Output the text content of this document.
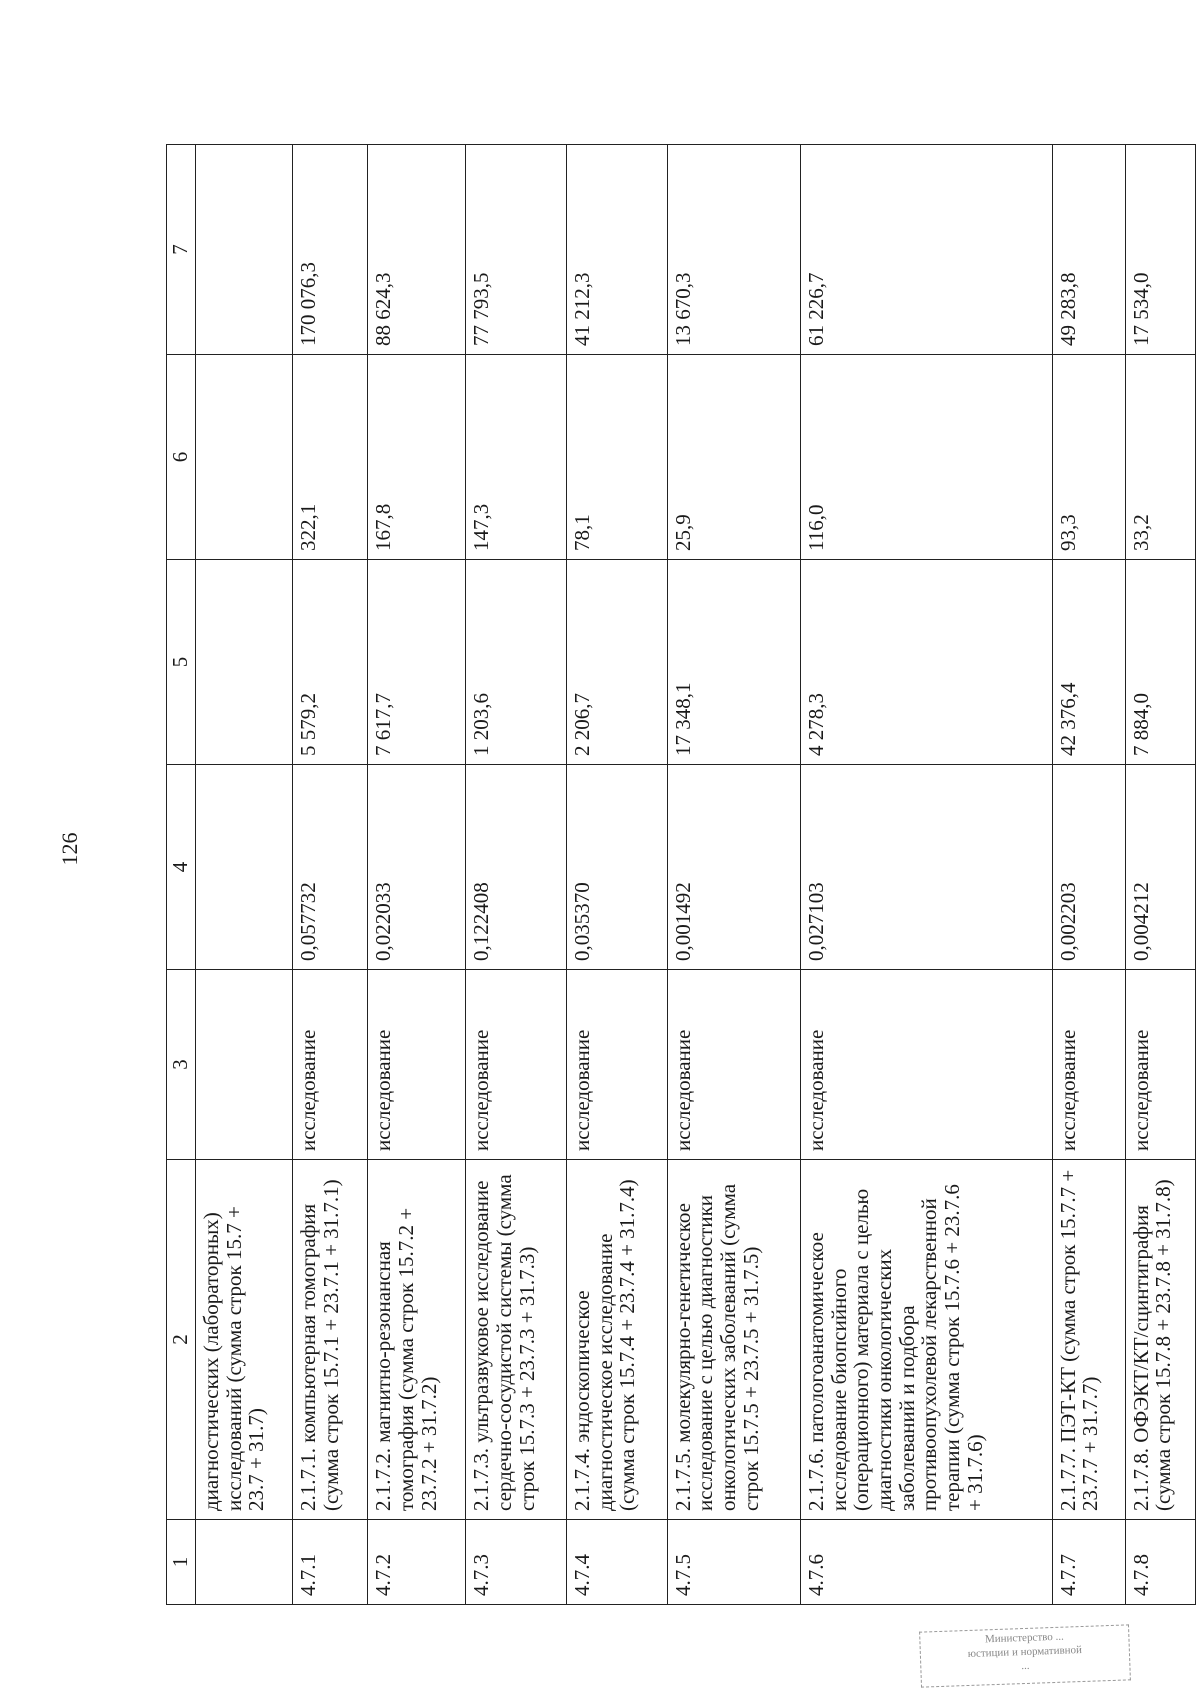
126
1	2	3	4	5	6	7
	диагностических (лабораторных) исследований (сумма строк 15.7 + 23.7 + 31.7)					
4.7.1	2.1.7.1. компьютерная томография (сумма строк 15.7.1 + 23.7.1 + 31.7.1)	исследование	0,057732	5 579,2	322,1	170 076,3
4.7.2	2.1.7.2. магнитно-резонансная томография (сумма строк 15.7.2 + 23.7.2 + 31.7.2)	исследование	0,022033	7 617,7	167,8	88 624,3
4.7.3	2.1.7.3. ультразвуковое исследование сердечно-сосудистой системы (сумма строк 15.7.3 + 23.7.3 + 31.7.3)	исследование	0,122408	1 203,6	147,3	77 793,5
4.7.4	2.1.7.4. эндоскопическое диагностическое исследование (сумма строк 15.7.4 + 23.7.4 + 31.7.4)	исследование	0,035370	2 206,7	78,1	41 212,3
4.7.5	2.1.7.5. молекулярно-генетическое исследование с целью диагностики онкологических заболеваний (сумма строк 15.7.5 + 23.7.5 + 31.7.5)	исследование	0,001492	17 348,1	25,9	13 670,3
4.7.6	2.1.7.6. патологоанатомическое исследование биопсийного (операционного) материала с целью диагностики онкологических заболеваний и подбора противоопухолевой лекарственной терапии (сумма строк 15.7.6 + 23.7.6 + 31.7.6)	исследование	0,027103	4 278,3	116,0	61 226,7
4.7.7	2.1.7.7. ПЭТ-КТ (сумма строк 15.7.7 + 23.7.7 + 31.7.7)	исследование	0,002203	42 376,4	93,3	49 283,8
4.7.8	2.1.7.8. ОФЭКТ/КТ/сцинтиграфия (сумма строк 15.7.8 + 23.7.8 + 31.7.8)	исследование	0,004212	7 884,0	33,2	17 534,0
Министерство ...
юстиции и нормативной
...
